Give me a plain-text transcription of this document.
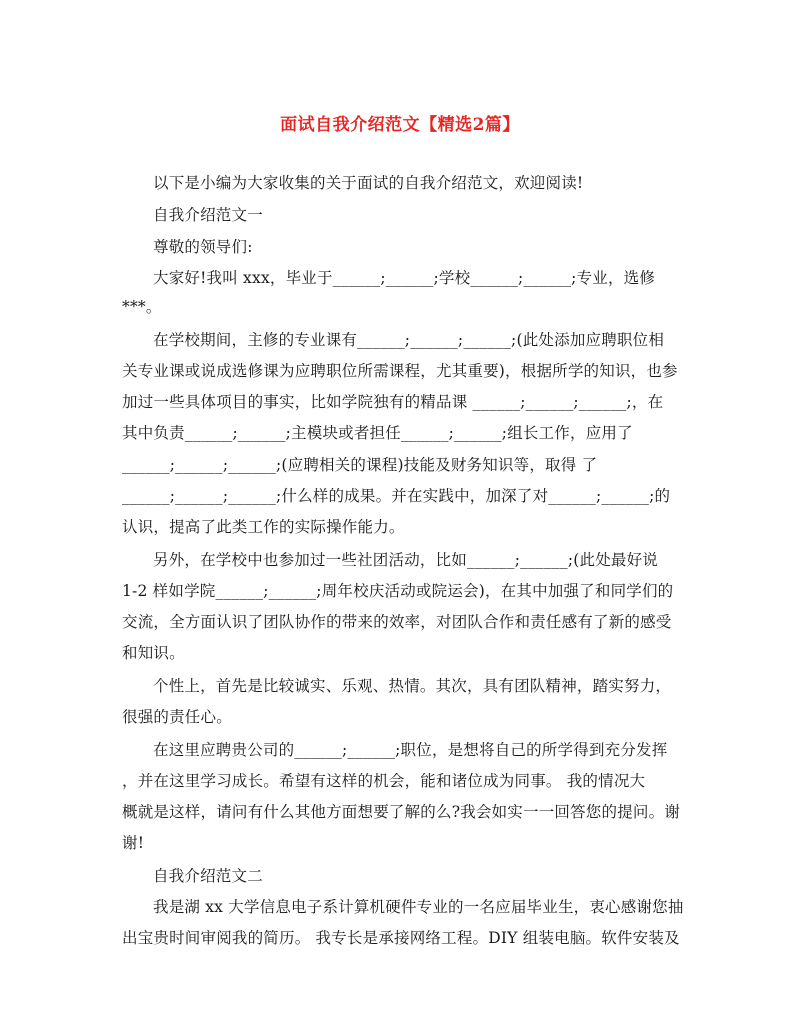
面试自我介绍范文【精选2篇】
以下是小编为大家收集的关于面试的自我介绍范文，欢迎阅读!
自我介绍范文一
尊敬的领导们:
大家好!我叫 xxx，毕业于______;______;学校______;______;专业，选修
***。
在学校期间，主修的专业课有______;______;______;(此处添加应聘职位相
关专业课或说成选修课为应聘职位所需课程，尤其重要)，根据所学的知识，也参
加过一些具体项目的事实，比如学院独有的精品课 ______;______;______;，在
其中负责______;______;主模块或者担任______;______;组长工作，应用了
______;______;______;(应聘相关的课程)技能及财务知识等，取得 了
______;______;______;什么样的成果。并在实践中，加深了对______;______;的
认识，提高了此类工作的实际操作能力。
另外，在学校中也参加过一些社团活动，比如______;______;(此处最好说
1-2 样如学院______;______;周年校庆活动或院运会)，在其中加强了和同学们的
交流，全方面认识了团队协作的带来的效率，对团队合作和责任感有了新的感受
和知识。
个性上，首先是比较诚实、乐观、热情。其次，具有团队精神，踏实努力，
很强的责任心。
在这里应聘贵公司的______;______;职位，是想将自己的所学得到充分发挥
，并在这里学习成长。希望有这样的机会，能和诸位成为同事。 我的情况大
概就是这样，请问有什么其他方面想要了解的么?我会如实一一回答您的提问。谢
谢!
自我介绍范文二
我是湖 xx 大学信息电子系计算机硬件专业的一名应届毕业生，衷心感谢您抽
出宝贵时间审阅我的简历。 我专长是承接网络工程。DIY 组装电脑。软件安装及
